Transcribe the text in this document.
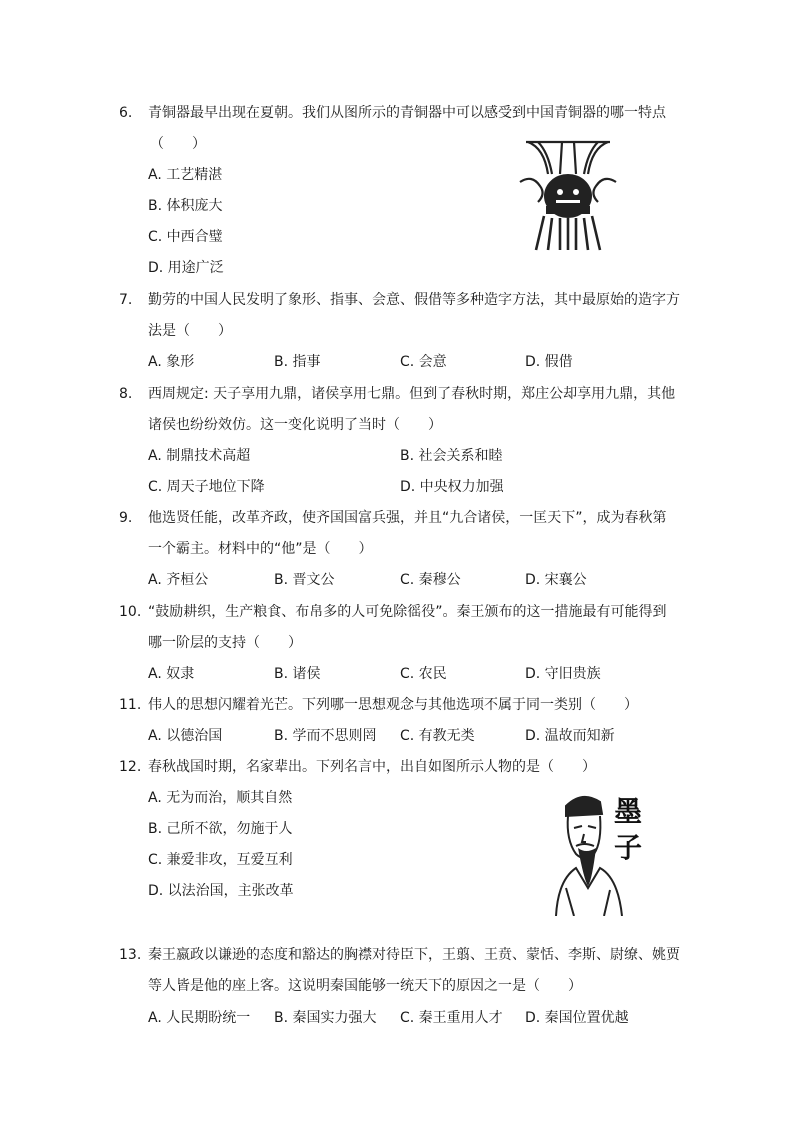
6. 青铜器最早出现在夏朝。我们从图所示的青铜器中可以感受到中国青铜器的哪一特点
（　　）
A. 工艺精湛
B. 体积庞大
C. 中西合璧
D. 用途广泛
7. 勤劳的中国人民发明了象形、指事、会意、假借等多种造字方法，其中最原始的造字方
法是（　　）
A. 象形	B. 指事	C. 会意	D. 假借
8. 西周规定: 天子享用九鼎，诸侯享用七鼎。但到了春秋时期，郑庄公却享用九鼎，其他
诸侯也纷纷效仿。这一变化说明了当时（　　）
A. 制鼎技术高超	B. 社会关系和睦
C. 周天子地位下降	D. 中央权力加强
9. 他选贤任能，改革齐政，使齐国国富兵强，并且“九合诸侯，一匡天下”，成为春秋第
一个霸主。材料中的“他”是（　　）
A. 齐桓公	B. 晋文公	C. 秦穆公	D. 宋襄公
10. “鼓励耕织，生产粮食、布帛多的人可免除徭役”。秦王颁布的这一措施最有可能得到
哪一阶层的支持（　　）
A. 奴隶	B. 诸侯	C. 农民	D. 守旧贵族
11. 伟人的思想闪耀着光芒。下列哪一思想观念与其他选项不属于同一类别（　　）
A. 以德治国	B. 学而不思则罔 C. 有教无类	D. 温故而知新
12. 春秋战国时期，名家辈出。下列名言中，出自如图所示人物的是（　　）
A. 无为而治，顺其自然
B. 己所不欲，勿施于人
C. 兼爱非攻，互爱互利
D. 以法治国，主张改革
墨子
13. 秦王嬴政以谦逊的态度和豁达的胸襟对待臣下，王翦、王贲、蒙恬、李斯、尉缭、姚贾
等人皆是他的座上客。这说明秦国能够一统天下的原因之一是（　　）
A. 人民期盼统一 B. 秦国实力强大 C. 秦王重用人才 D. 秦国位置优越
